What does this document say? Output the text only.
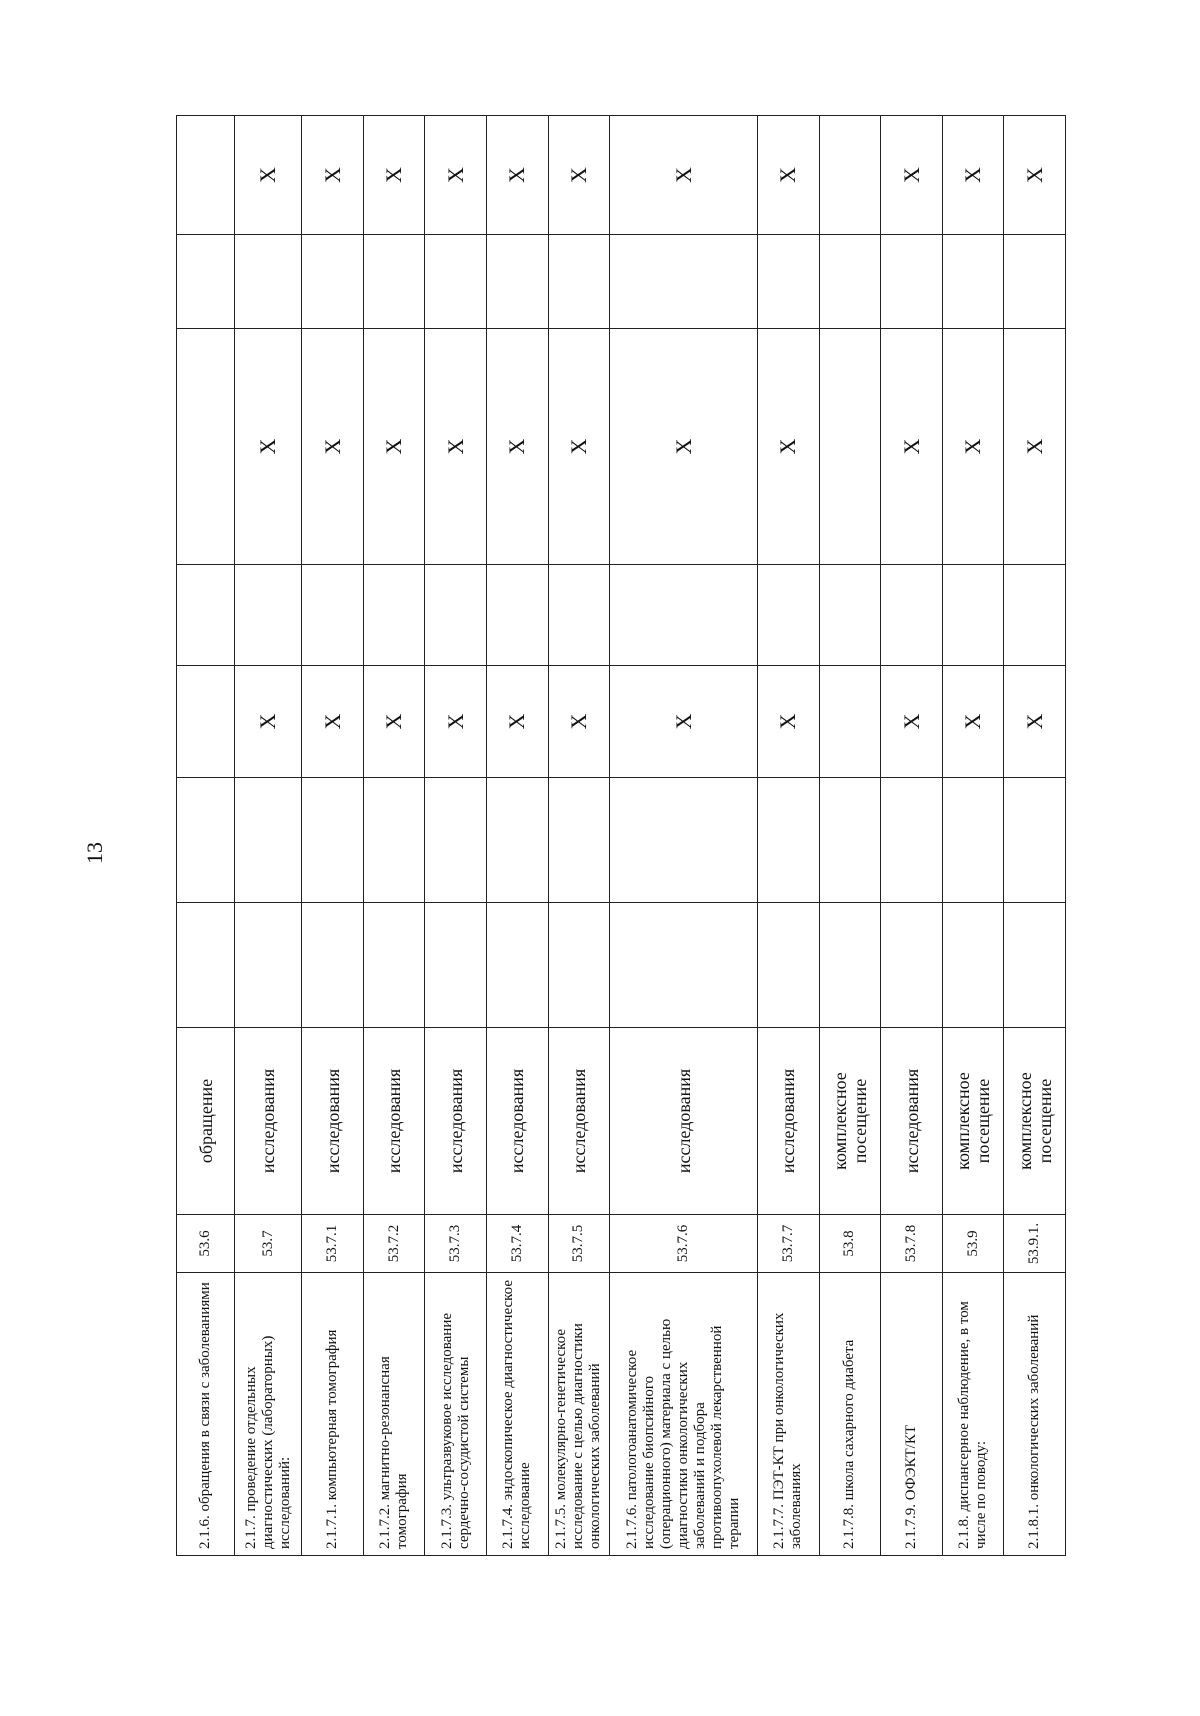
13
2.1.6. обращения в связи с заболеваниями	53.6	обращение							
2.1.7. проведение отдельных диагностических (лабораторных) исследований:	53.7	исследования			Х		Х		Х
2.1.7.1. компьютерная томография	53.7.1	исследования			Х		Х		Х
2.1.7.2. магнитно-резонансная томография	53.7.2	исследования			Х		Х		Х
2.1.7.3. ультразвуковое исследование сердечно-сосудистой системы	53.7.3	исследования			Х		Х		Х
2.1.7.4. эндоскопическое диагностическое исследование	53.7.4	исследования			Х		Х		Х
2.1.7.5. молекулярно-генетическое исследование с целью диагностики онкологических заболеваний	53.7.5	исследования			Х		Х		Х
2.1.7.6. патологоанатомическое исследование биопсийного (операционного) материала с целью диагностики онкологических заболеваний и подбора противоопухолевой лекарственной терапии	53.7.6	исследования			Х		Х		Х
2.1.7.7. ПЭТ-КТ при онкологических заболеваниях	53.7.7	исследования			Х		Х		Х
2.1.7.8. школа сахарного диабета	53.8	комплексное посещение							
2.1.7.9. ОФЭКТ/КТ	53.7.8	исследования			Х		Х		Х
2.1.8. диспансерное наблюдение, в том числе по поводу:	53.9	комплексное посещение			Х		Х		Х
2.1.8.1. онкологических заболеваний	53.9.1.	комплексное посещение			Х		Х		Х
